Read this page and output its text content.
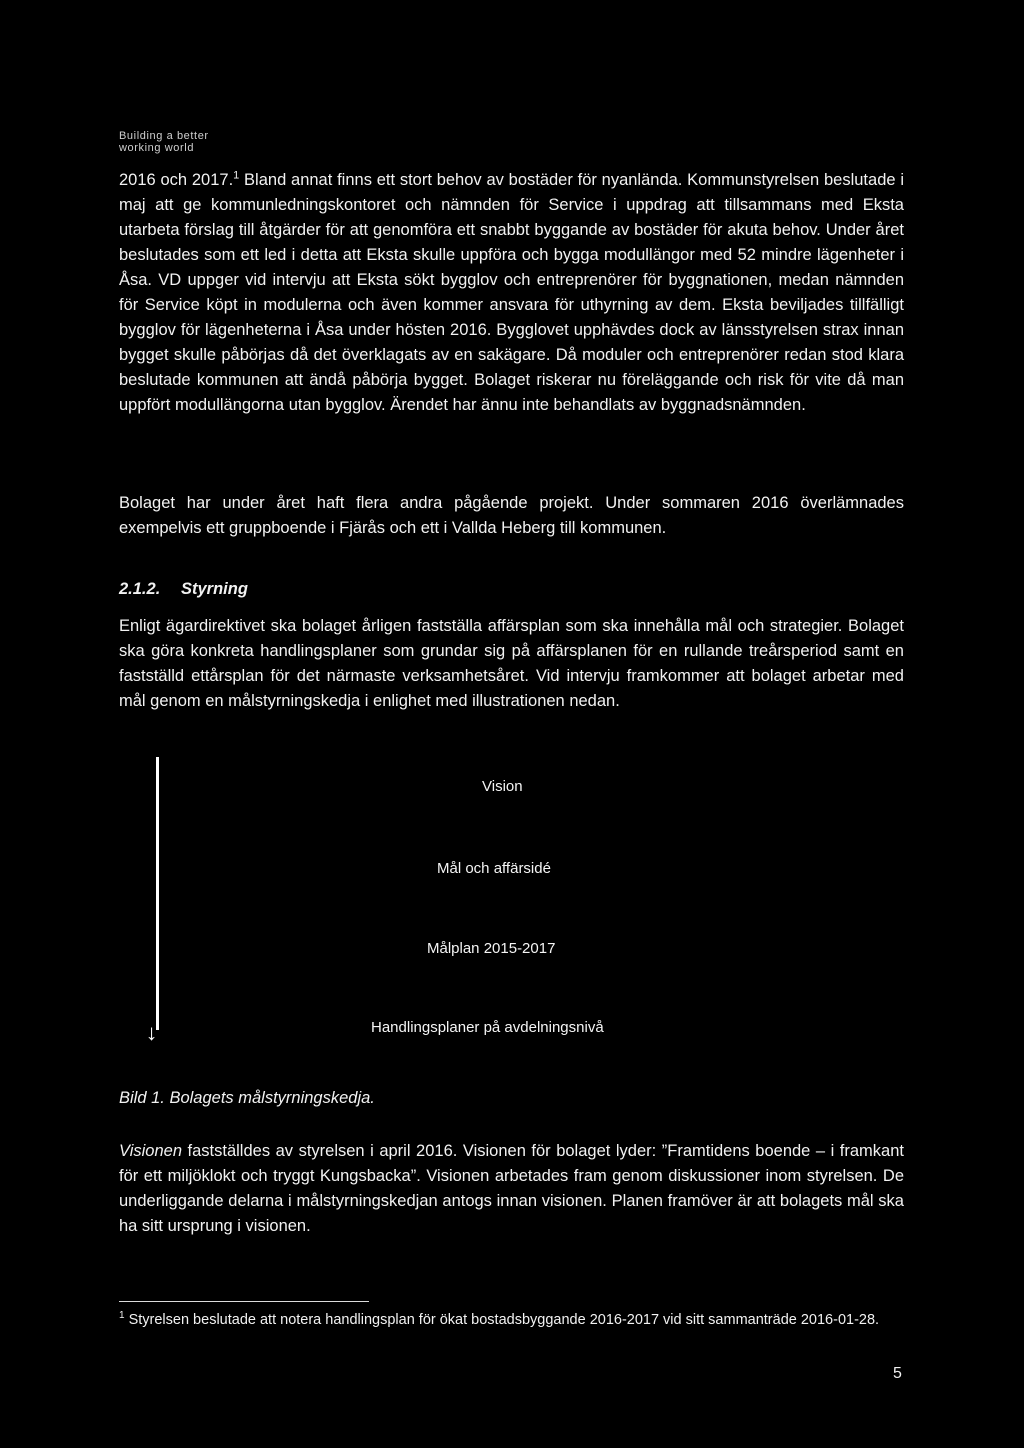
Building a better
working world

2016 och 2017.$^1$ Bland annat finns ett stort behov av bostäder för nyanlända. Kommunstyrelsen beslutade i maj att ge kommunledningskontoret och nämnden för Service i uppdrag att tillsammans med Eksta utarbeta förslag till åtgärder för att genomföra ett snabbt byggande av bostäder för akuta behov. Under året beslutades som ett led i detta att Eksta skulle uppföra och bygga modullängor med 52 mindre lägenheter i Åsa. VD uppger vid intervju att Eksta sökt bygglov och entreprenörer för byggnationen, medan nämnden för Service köpt in modulerna och även kommer ansvara för uthyrning av dem. Eksta beviljades tillfälligt bygglov för lägenheterna i Åsa under hösten 2016. Bygglovet upphävdes dock av länsstyrelsen strax innan bygget skulle påbörjas då det överklagats av en sakägare. Då moduler och entreprenörer redan stod klara beslutade kommunen att ändå påbörja bygget. Bolaget riskerar nu föreläggande och risk för vite då man uppfört modullängorna utan bygglov. Ärendet har ännu inte behandlats av byggnadsnämnden.

Bolaget har under året haft flera andra pågående projekt. Under sommaren 2016 överlämnades exempelvis ett gruppboende i Fjärås och ett i Vallda Heberg till kommunen.

2.1.2. Styrning

Enligt ägardirektivet ska bolaget årligen fastställa affärsplan som ska innehålla mål och strategier. Bolaget ska göra konkreta handlingsplaner som grundar sig på affärsplanen för en rullande treårsperiod samt en fastställd ettårsplan för det närmaste verksamhetsåret. Vid intervju framkommer att bolaget arbetar med mål genom en målstyrningskedja i enlighet med illustrationen nedan.

↓
Vision
Mål och affärsidé
Målplan 2015-2017
Handlingsplaner på avdelningsnivå
Bild 1. Bolagets målstyrningskedja.

Visionen fastställdes av styrelsen i april 2016. Visionen för bolaget lyder: ”Framtidens boende – i framkant för ett miljöklokt och tryggt Kungsbacka”. Visionen arbetades fram genom diskussioner inom styrelsen. De underliggande delarna i målstyrningskedjan antogs innan visionen. Planen framöver är att bolagets mål ska ha sitt ursprung i visionen.

$^1$ Styrelsen beslutade att notera handlingsplan för ökat bostadsbyggande 2016-2017 vid sitt sammanträde 2016-01-28.
5
